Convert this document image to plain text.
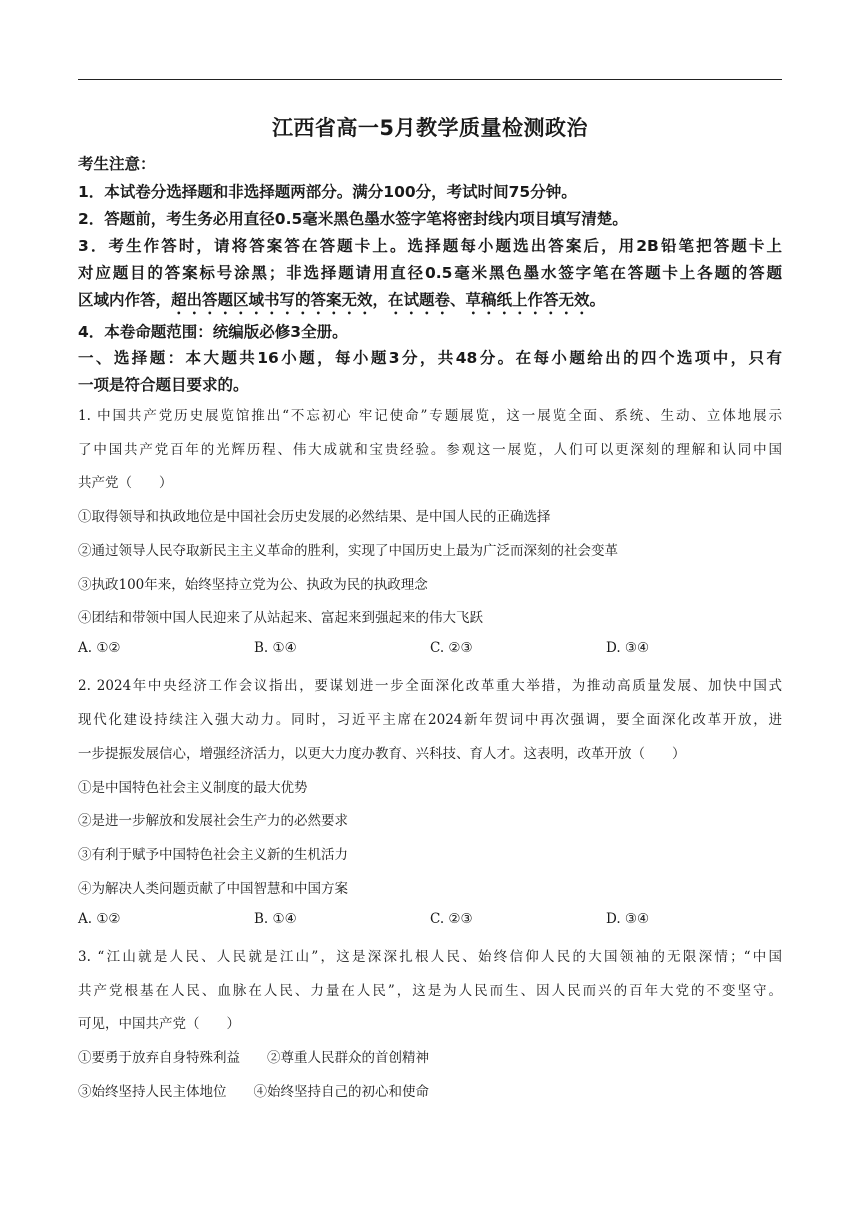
江西省高一5月教学质量检测政治
考生注意：
1．本试卷分选择题和非选择题两部分。满分100分，考试时间75分钟。
2．答题前，考生务必用直径0.5毫米黑色墨水签字笔将密封线内项目填写清楚。
3．考生作答时，请将答案答在答题卡上。选择题每小题选出答案后，用2B铅笔把答题卡上
对应题目的答案标号涂黑；非选择题请用直径0.5毫米黑色墨水签字笔在答题卡上各题的答题
区域内作答，超出答题区域书写的答案无效，在试题卷、草稿纸上作答无效。
4．本卷命题范围：统编版必修3全册。
一、选择题：本大题共16小题，每小题3分，共48分。在每小题给出的四个选项中，只有
一项是符合题目要求的。
1. 中国共产党历史展览馆推出“不忘初心 牢记使命”专题展览，这一展览全面、系统、生动、立体地展示
了中国共产党百年的光辉历程、伟大成就和宝贵经验。参观这一展览，人们可以更深刻的理解和认同中国
共产党（　　）
①取得领导和执政地位是中国社会历史发展的必然结果、是中国人民的正确选择
②通过领导人民夺取新民主主义革命的胜利，实现了中国历史上最为广泛而深刻的社会变革
③执政100年来，始终坚持立党为公、执政为民的执政理念
④团结和带领中国人民迎来了从站起来、富起来到强起来的伟大飞跃
A. ①②	B. ①④	C. ②③	D. ③④
2. 2024年中央经济工作会议指出，要谋划进一步全面深化改革重大举措，为推动高质量发展、加快中国式
现代化建设持续注入强大动力。同时，习近平主席在2024新年贺词中再次强调，要全面深化改革开放，进
一步提振发展信心，增强经济活力，以更大力度办教育、兴科技、育人才。这表明，改革开放（　　）
①是中国特色社会主义制度的最大优势
②是进一步解放和发展社会生产力的必然要求
③有利于赋予中国特色社会主义新的生机活力
④为解决人类问题贡献了中国智慧和中国方案
A. ①②	B. ①④	C. ②③	D. ③④
3. “江山就是人民、人民就是江山”，这是深深扎根人民、始终信仰人民的大国领袖的无限深情；“中国
共产党根基在人民、血脉在人民、力量在人民”，这是为人民而生、因人民而兴的百年大党的不变坚守。
可见，中国共产党（　　）
①要勇于放弃自身特殊利益　　②尊重人民群众的首创精神
③始终坚持人民主体地位　　④始终坚持自己的初心和使命
